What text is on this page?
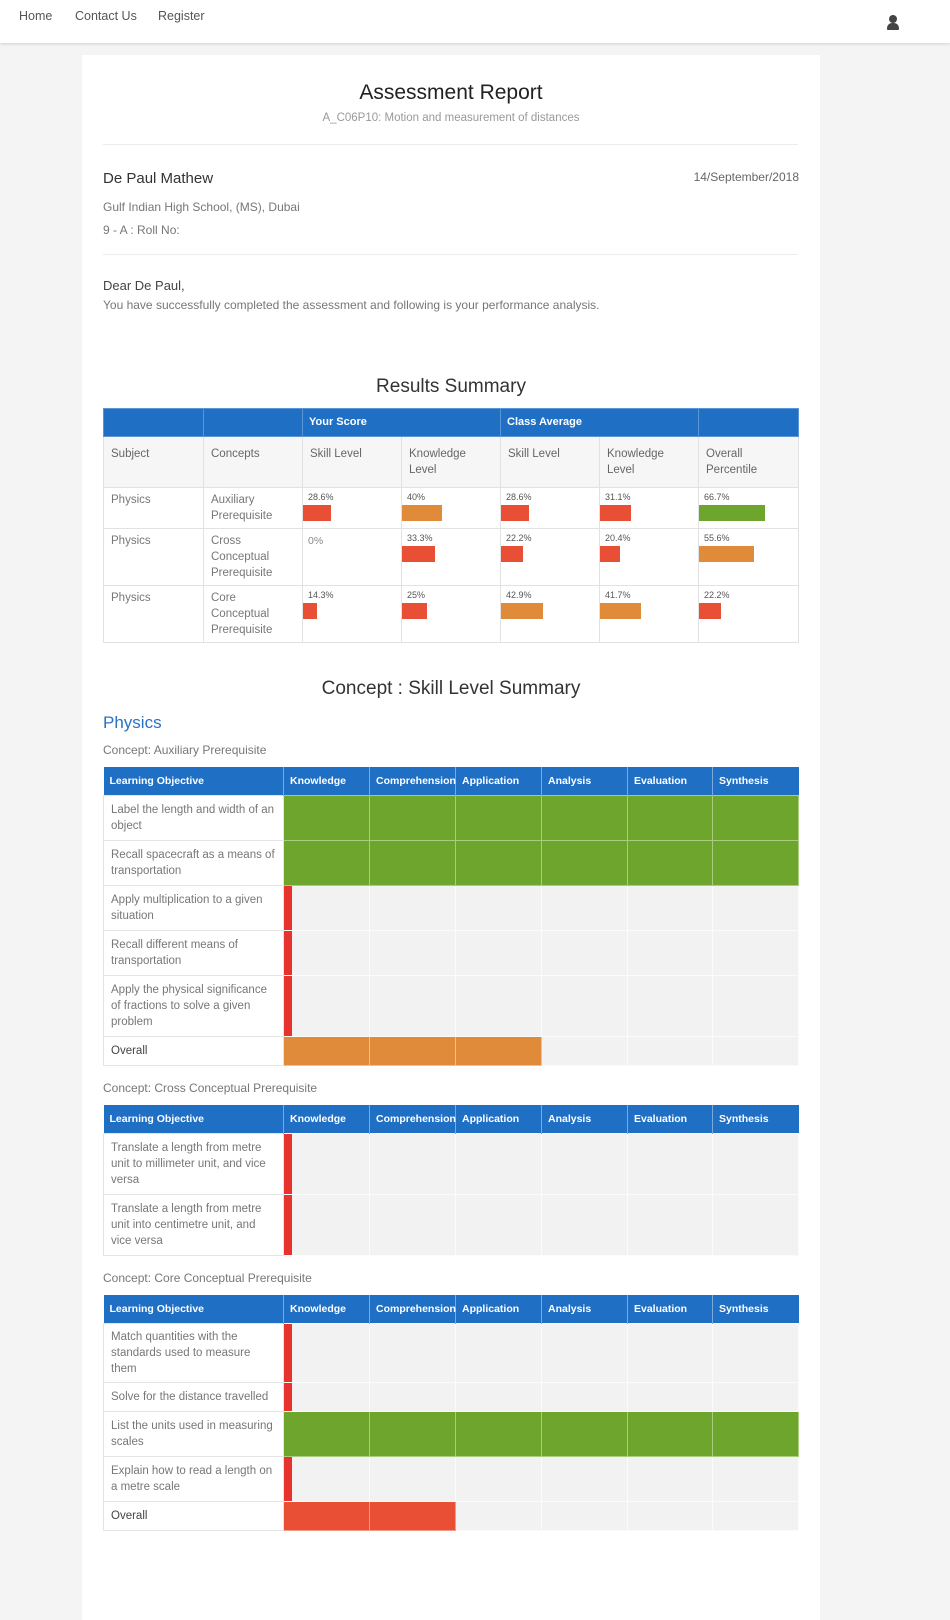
Home Contact Us Register
Assessment Report
A_C06P10: Motion and measurement of distances
De Paul Mathew	14/September/2018
Gulf Indian High School, (MS), Dubai
9 - A : Roll No:
Dear De Paul,
You have successfully completed the assessment and following is your performance analysis.
Results Summary
		Your Score		Class Average		
Subject	Concepts	Skill Level	Knowledge Level	Skill Level	Knowledge Level	Overall Percentile
Physics	Auxiliary Prerequisite	28.6%	40%	28.6%	31.1%	66.7%

Physics	Cross Conceptual Prerequisite	0%	33.3%	22.2%	20.4%	55.6%

Physics	Core Conceptual Prerequisite	14.3%	25%	42.9%	41.7%	22.2%
Concept : Skill Level Summary
Physics
Concept: Auxiliary Prerequisite
Learning Objective	Knowledge	Comprehension	Application	Analysis	Evaluation	Synthesis
Label the length and width of an object						
Recall spacecraft as a means of transportation						
Apply multiplication to a given situation	

Recall different means of transportation	

Apply the physical significance of fractions to solve a given problem	

Overall						
Concept: Cross Conceptual Prerequisite
Learning Objective	Knowledge	Comprehension	Application	Analysis	Evaluation	Synthesis
Translate a length from metre unit to millimeter unit, and vice versa	

Translate a length from metre unit into centimetre unit, and vice versa	

Concept: Core Conceptual Prerequisite
Learning Objective	Knowledge	Comprehension	Application	Analysis	Evaluation	Synthesis
Match quantities with the standards used to measure them	

Solve for the distance travelled	

List the units used in measuring scales						
Explain how to read a length on a metre scale	

Overall						
